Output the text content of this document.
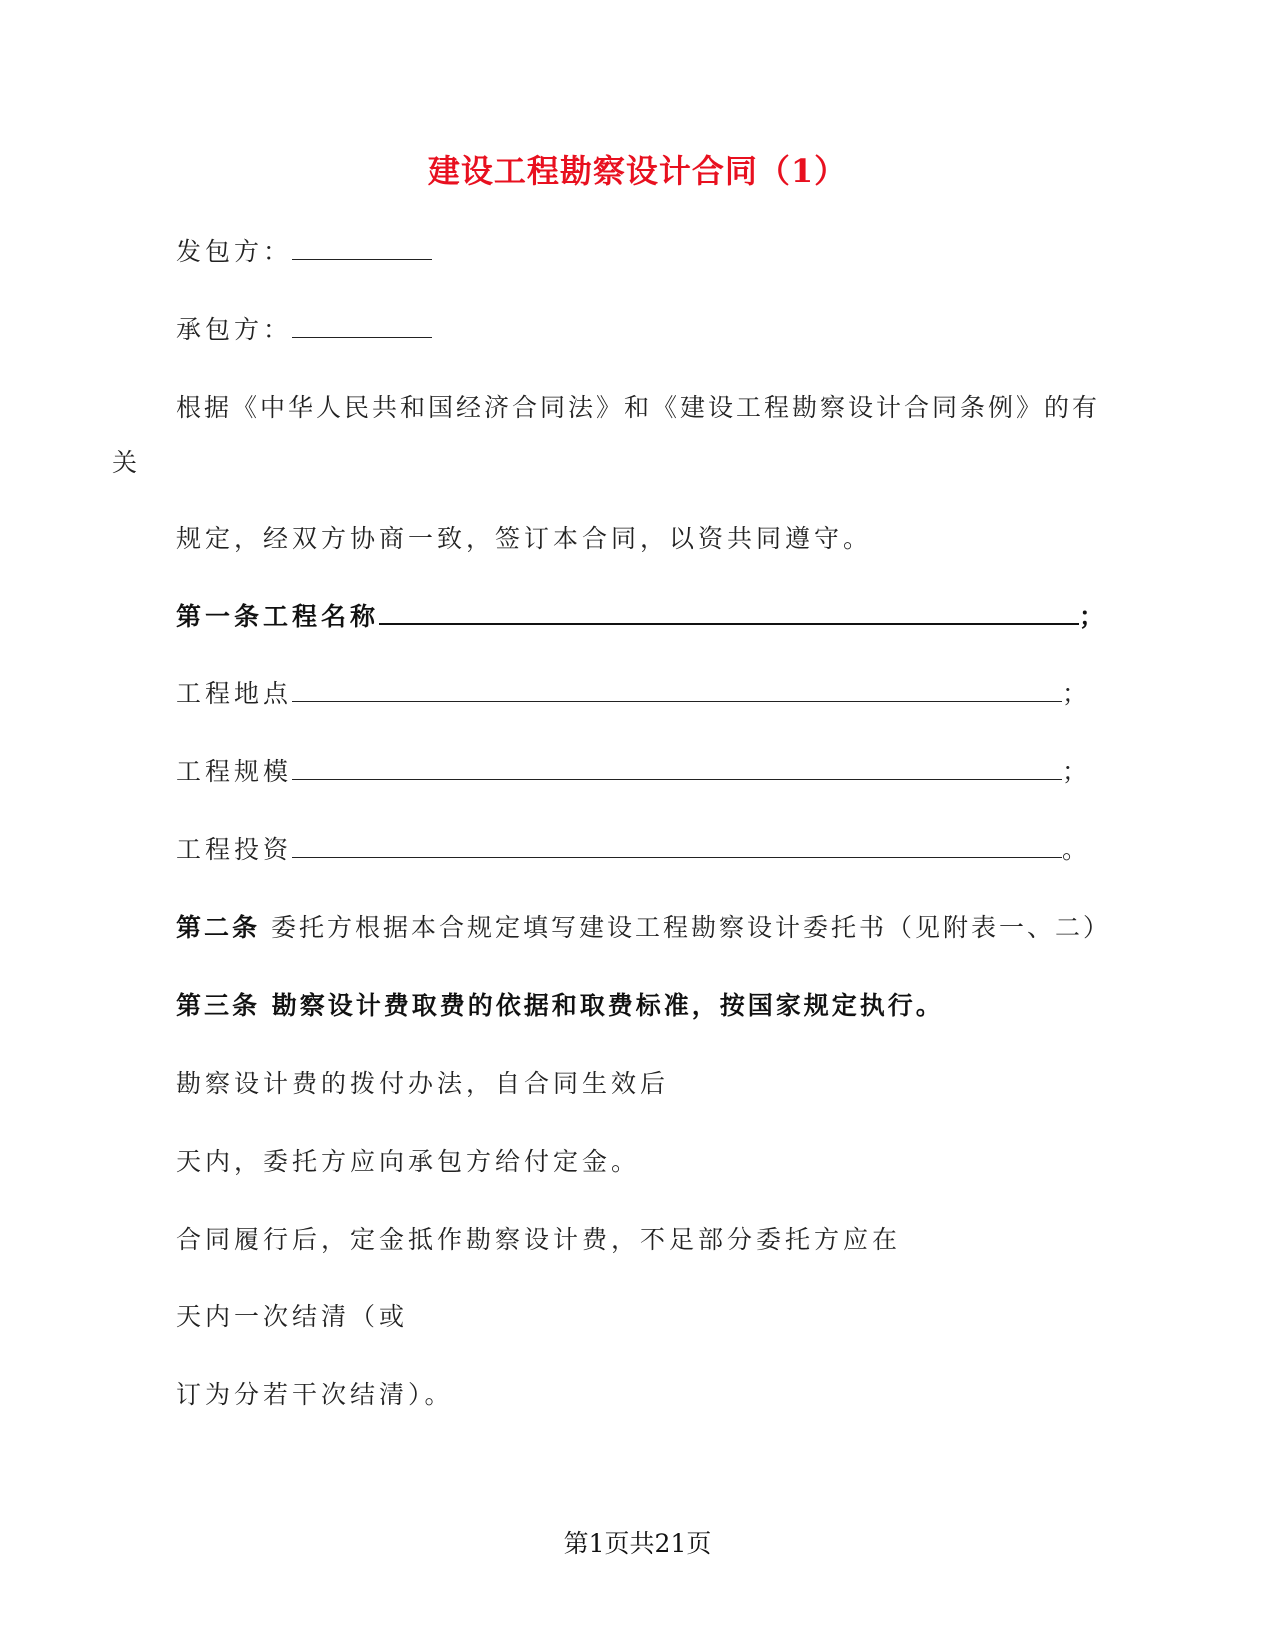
建设工程勘察设计合同（1）
发包方：
承包方：
根据《中华人民共和国经济合同法》和《建设工程勘察设计合同条例》的有
关
规定，经双方协商一致，签订本合同，以资共同遵守。
第一条工程名称	；
工程地点	；
工程规模	；
工程投资	。
第二条 委托方根据本合规定填写建设工程勘察设计委托书（见附表一、二）
第三条 勘察设计费取费的依据和取费标准，按国家规定执行。
勘察设计费的拨付办法，自合同生效后
天内，委托方应向承包方给付定金。
合同履行后，定金抵作勘察设计费，不足部分委托方应在
天内一次结清（或
订为分若干次结清）。
第1页共21页
